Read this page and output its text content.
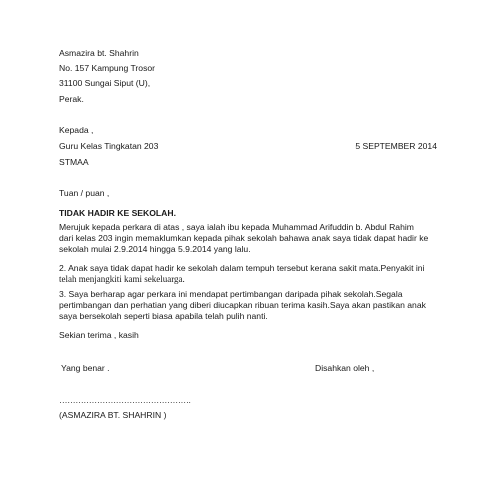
Asmazira bt. Shahrin
No. 157 Kampung Trosor
31100 Sungai Siput (U),
Perak.
Kepada ,
Guru Kelas Tingkatan 203	5 SEPTEMBER 2014
STMAA
Tuan / puan ,
TIDAK HADIR KE SEKOLAH.
Merujuk kepada perkara di atas , saya ialah ibu kepada Muhammad Arifuddin b. Abdul Rahim
dari kelas 203 ingin memaklumkan kepada pihak sekolah bahawa anak saya tidak dapat hadir ke
sekolah mulai 2.9.2014 hingga 5.9.2014 yang lalu.
2. Anak saya tidak dapat hadir ke sekolah dalam tempuh tersebut kerana sakit mata.Penyakit ini
telah menjangkiti kami sekeluarga.
3. Saya berharap agar perkara ini mendapat pertimbangan daripada pihak sekolah.Segala
pertimbangan dan perhatian yang diberi diucapkan ribuan terima kasih.Saya akan pastikan anak
saya bersekolah seperti biasa apabila telah pulih nanti.
Sekian terima , kasih
Yang benar .	Disahkan oleh ,
………………………………………….
(ASMAZIRA BT. SHAHRIN )
